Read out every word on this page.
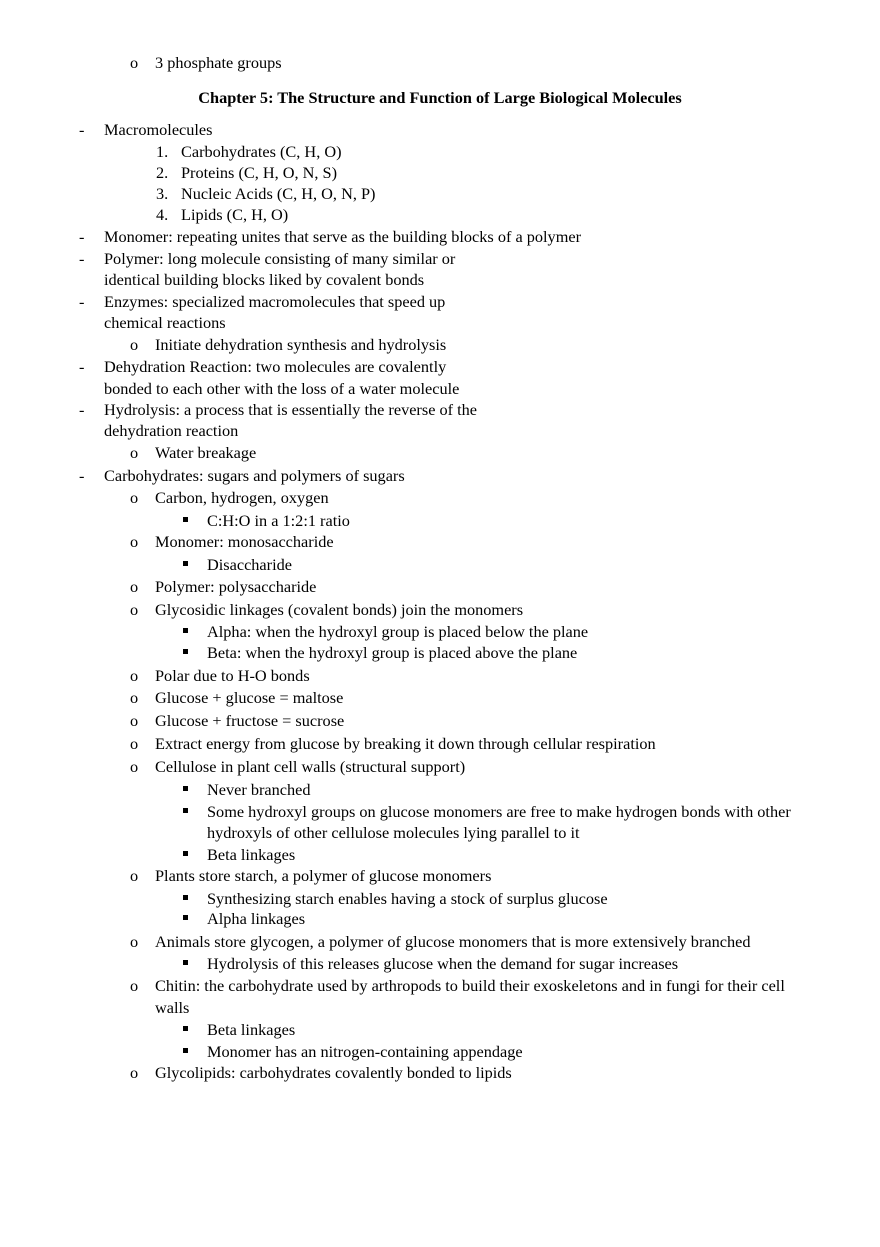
o 3 phosphate groups
Chapter 5: The Structure and Function of Large Biological Molecules
- Macromolecules
1. Carbohydrates (C, H, O)
2. Proteins (C, H, O, N, S)
3. Nucleic Acids (C, H, O, N, P)
4. Lipids (C, H, O)
- Monomer: repeating unites that serve as the building blocks of a polymer
- Polymer: long molecule consisting of many similar or
identical building blocks liked by covalent bonds
- Enzymes: specialized macromolecules that speed up
chemical reactions
o Initiate dehydration synthesis and hydrolysis
- Dehydration Reaction: two molecules are covalently
bonded to each other with the loss of a water molecule
- Hydrolysis: a process that is essentially the reverse of the
dehydration reaction
o Water breakage
- Carbohydrates: sugars and polymers of sugars
o Carbon, hydrogen, oxygen
C:H:O in a 1:2:1 ratio
o Monomer: monosaccharide
Disaccharide
o Polymer: polysaccharide
o Glycosidic linkages (covalent bonds) join the monomers
Alpha: when the hydroxyl group is placed below the plane
Beta: when the hydroxyl group is placed above the plane
o Polar due to H-O bonds
o Glucose + glucose = maltose
o Glucose + fructose = sucrose
o Extract energy from glucose by breaking it down through cellular respiration
o Cellulose in plant cell walls (structural support)
Never branched
Some hydroxyl groups on glucose monomers are free to make hydrogen bonds with other
hydroxyls of other cellulose molecules lying parallel to it
Beta linkages
o Plants store starch, a polymer of glucose monomers
Synthesizing starch enables having a stock of surplus glucose
Alpha linkages
o Animals store glycogen, a polymer of glucose monomers that is more extensively branched
Hydrolysis of this releases glucose when the demand for sugar increases
o Chitin: the carbohydrate used by arthropods to build their exoskeletons and in fungi for their cell
walls
Beta linkages
Monomer has an nitrogen-containing appendage
o Glycolipids: carbohydrates covalently bonded to lipids
